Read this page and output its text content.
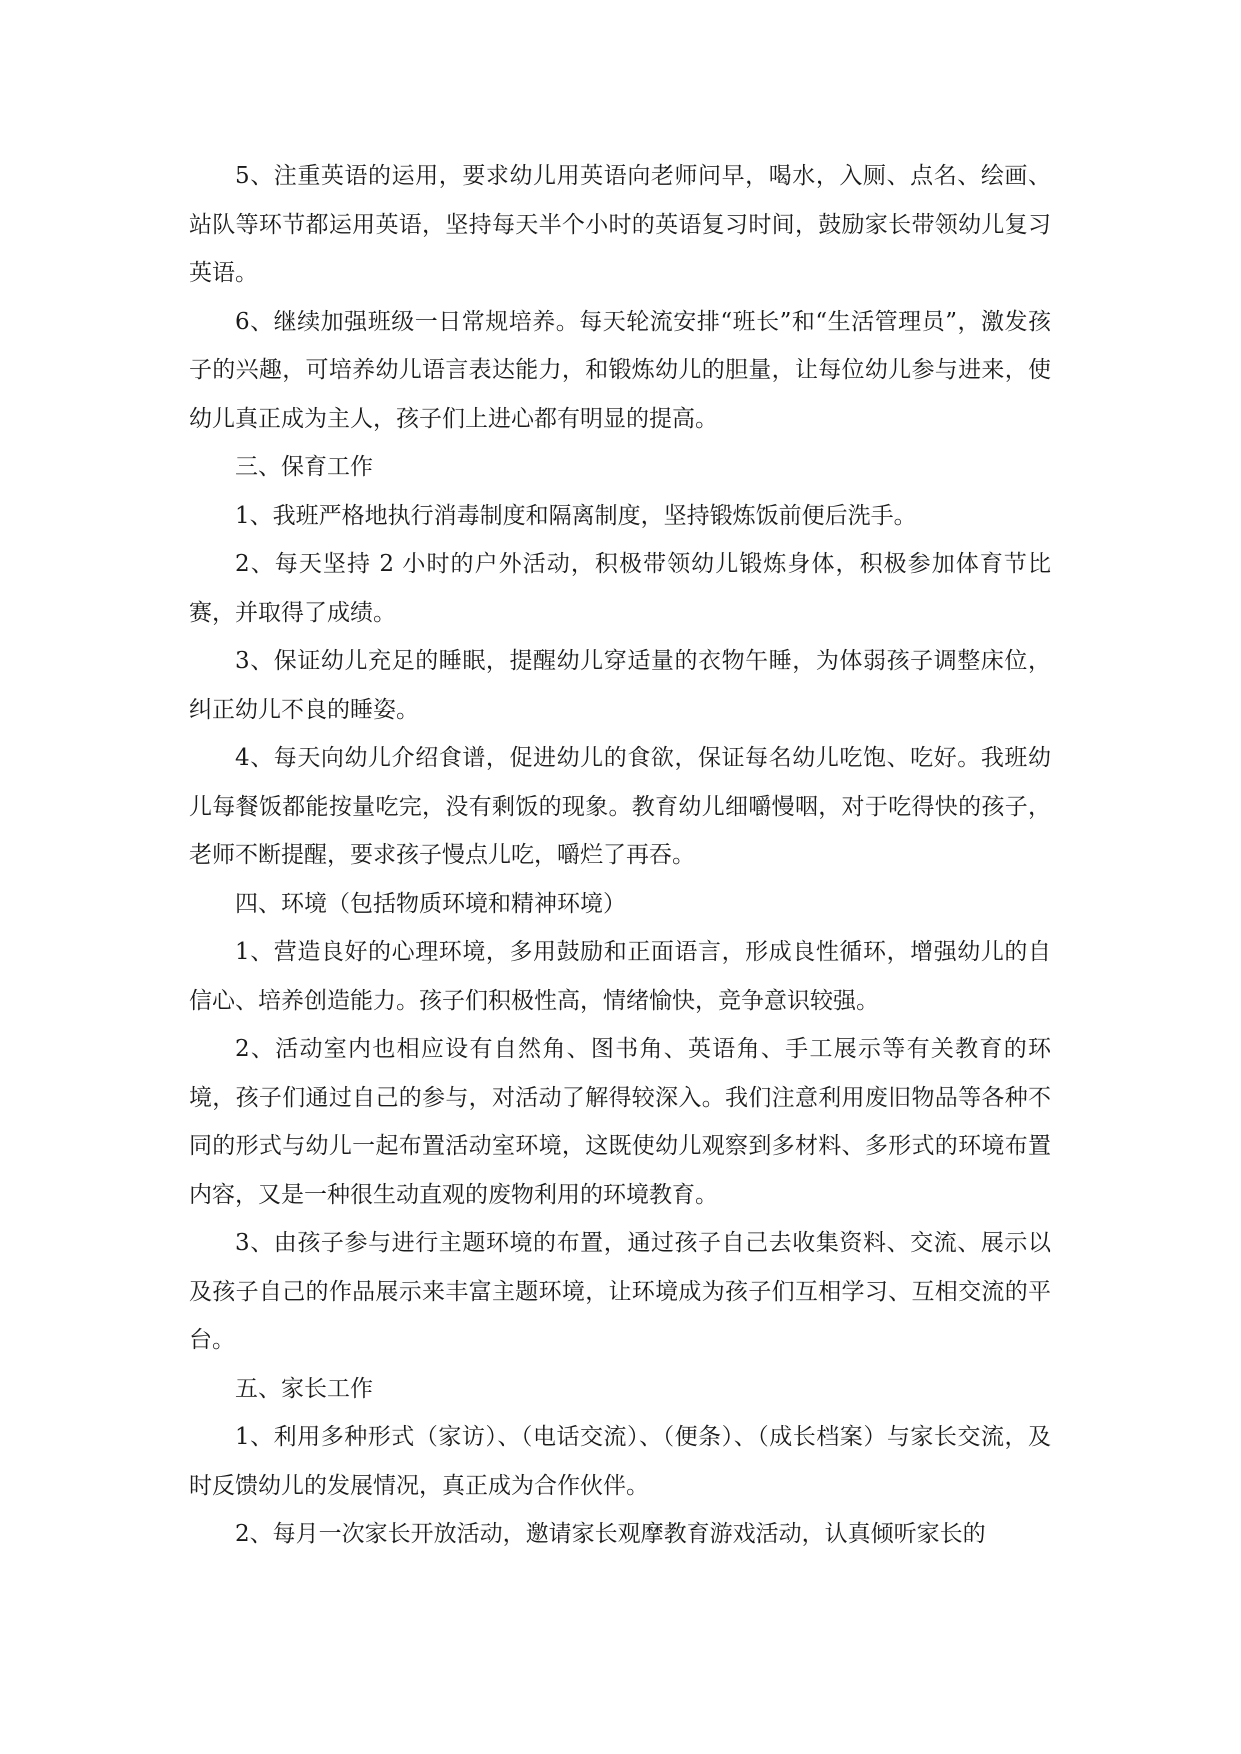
5、注重英语的运用，要求幼儿用英语向老师问早，喝水，入厕、点名、绘画、站队等环节都运用英语，坚持每天半个小时的英语复习时间，鼓励家长带领幼儿复习英语。

6、继续加强班级一日常规培养。每天轮流安排“班长”和“生活管理员”，激发孩子的兴趣，可培养幼儿语言表达能力，和锻炼幼儿的胆量，让每位幼儿参与进来，使幼儿真正成为主人，孩子们上进心都有明显的提高。

三、保育工作

1、我班严格地执行消毒制度和隔离制度，坚持锻炼饭前便后洗手。

2、每天坚持 2 小时的户外活动，积极带领幼儿锻炼身体，积极参加体育节比赛，并取得了成绩。

3、保证幼儿充足的睡眠，提醒幼儿穿适量的衣物午睡，为体弱孩子调整床位，纠正幼儿不良的睡姿。

4、每天向幼儿介绍食谱，促进幼儿的食欲，保证每名幼儿吃饱、吃好。我班幼儿每餐饭都能按量吃完，没有剩饭的现象。教育幼儿细嚼慢咽，对于吃得快的孩子，老师不断提醒，要求孩子慢点儿吃，嚼烂了再吞。

四、环境（包括物质环境和精神环境）

1、营造良好的心理环境，多用鼓励和正面语言，形成良性循环，增强幼儿的自信心、培养创造能力。孩子们积极性高，情绪愉快，竞争意识较强。

2、活动室内也相应设有自然角、图书角、英语角、手工展示等有关教育的环境，孩子们通过自己的参与，对活动了解得较深入。我们注意利用废旧物品等各种不同的形式与幼儿一起布置活动室环境，这既使幼儿观察到多材料、多形式的环境布置内容，又是一种很生动直观的废物利用的环境教育。

3、由孩子参与进行主题环境的布置，通过孩子自己去收集资料、交流、展示以及孩子自己的作品展示来丰富主题环境，让环境成为孩子们互相学习、互相交流的平台。

五、家长工作

1、利用多种形式（家访）、（电话交流）、（便条）、（成长档案）与家长交流，及时反馈幼儿的发展情况，真正成为合作伙伴。

2、每月一次家长开放活动，邀请家长观摩教育游戏活动，认真倾听家长的
